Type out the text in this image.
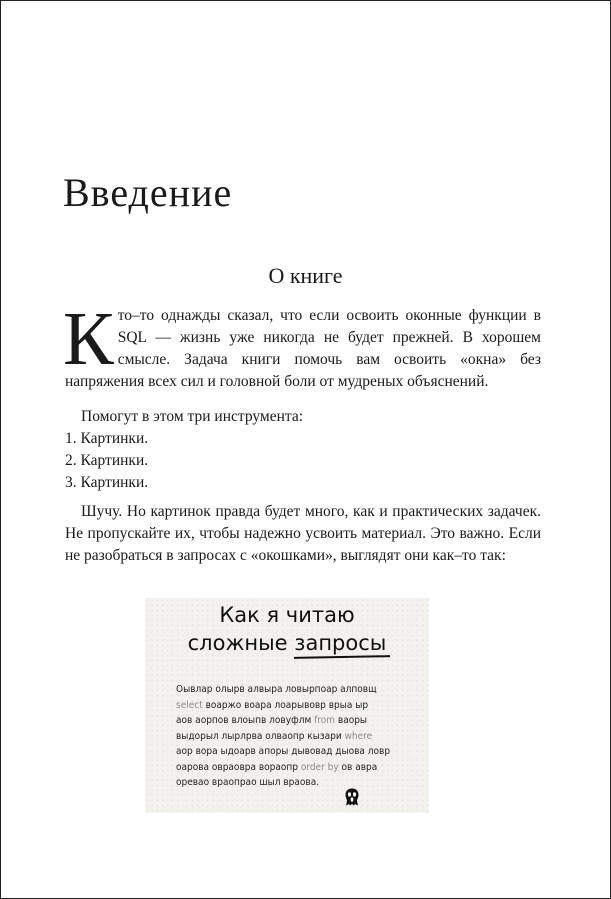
Введение
О книге
Кто–то однажды сказал, что если освоить оконные функции в SQL — жизнь уже никогда не будет прежней. В хорошем смысле. Задача книги помочь вам освоить «окна» без напряжения всех сил и головной боли от мудреных объяснений.
Помогут в этом три инструмента:
1. Картинки.
2. Картинки.
3. Картинки.
Шучу. Но картинок правда будет много, как и практических задачек. Не пропускайте их, чтобы надежно усвоить материал. Это важно. Если не разобраться в запросах с «окошками», выглядят они как–то так:
Как я читаю
сложные запросы
Оывлар олырв алвыра ловырпоар алповщ
select воаржо воара лоарывовр врыа ыр
аов аорпов влоыпв ловуфлм from ваоры
выдорыл лырлрва олваопр кызари where
аор вора ыдоарв апоры дывовад дыова ловр
оарова овраовра вораопр order by ов авра
оревао враопрао шыл враова.
